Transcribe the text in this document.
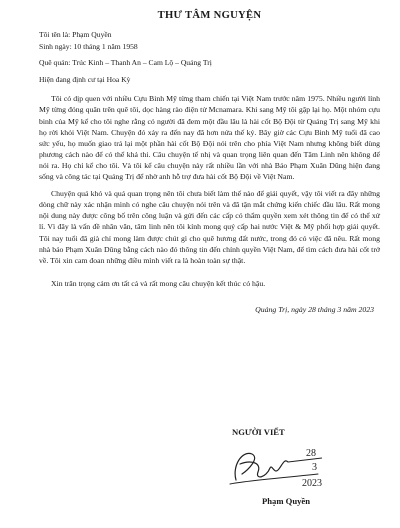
THƯ TÂM NGUYỆN
Tôi tên là: Phạm Quyền
Sinh ngày: 10 tháng 1 năm 1958
Quê quán: Trúc Kinh – Thanh An – Cam Lộ – Quảng Trị
Hiện đang định cư tại Hoa Kỳ

Tôi có dịp quen với nhiều Cựu Binh Mỹ từng tham chiến tại Việt Nam trước năm 1975. Nhiều người lính Mỹ từng đóng quân trên quê tôi, dọc hàng rào điện tử Mcnamara. Khi sang Mỹ tôi gặp lại họ. Một nhóm cựu binh của Mỹ kể cho tôi nghe rằng có người đã đem một đầu lâu là hài cốt Bộ Đội từ Quảng Trị sang Mỹ khi họ rời khỏi Việt Nam. Chuyện đó xảy ra đến nay đã hơn nửa thế kỷ. Bây giờ các Cựu Binh Mỹ tuổi đã cao sức yếu, họ muốn giao trả lại một phần hài cốt Bộ Đội nói trên cho phía Việt Nam nhưng không biết dùng phương cách nào để có thể khả thi. Câu chuyện tế nhị và quan trọng liên quan đến Tâm Linh nên không để nói ra. Họ chỉ kể cho tôi. Và tôi kể câu chuyện này rất nhiều lần với nhà Báo Phạm Xuân Dũng hiện đang sống và công tác tại Quảng Trị để nhờ anh hỗ trợ đưa hài cốt Bộ Đội về Việt Nam.

Chuyện quá khó và quá quan trọng nên tôi chưa biết làm thế nào để giải quyết, vậy tôi viết ra đây những dòng chữ này xác nhận mình có nghe câu chuyện nói trên và đã tận mắt chứng kiến chiếc đầu lâu. Rất mong nội dung này được công bố trên công luận và gửi đến các cấp có thẩm quyền xem xét thông tin để có thể xử lí. Vì đây là vấn đề nhân văn, tâm linh nên tôi kính mong quý cấp hai nước Việt & Mỹ phối hợp giải quyết. Tôi nay tuổi đã già chỉ mong làm được chút gì cho quê hương đất nước, trong đó có việc đã nêu. Rất mong nhà báo Phạm Xuân Dũng bằng cách nào đó thông tin đến chính quyền Việt Nam, để tìm cách đưa hài cốt trở về. Tôi xin cam đoan những điều mình viết ra là hoàn toàn sự thật.

Xin trân trọng cảm ơn tất cả và rất mong câu chuyện kết thúc có hậu.
Quảng Trị, ngày 28 tháng 3 năm 2023
NGƯỜI VIẾT
28
3
2023
Phạm Quyền
